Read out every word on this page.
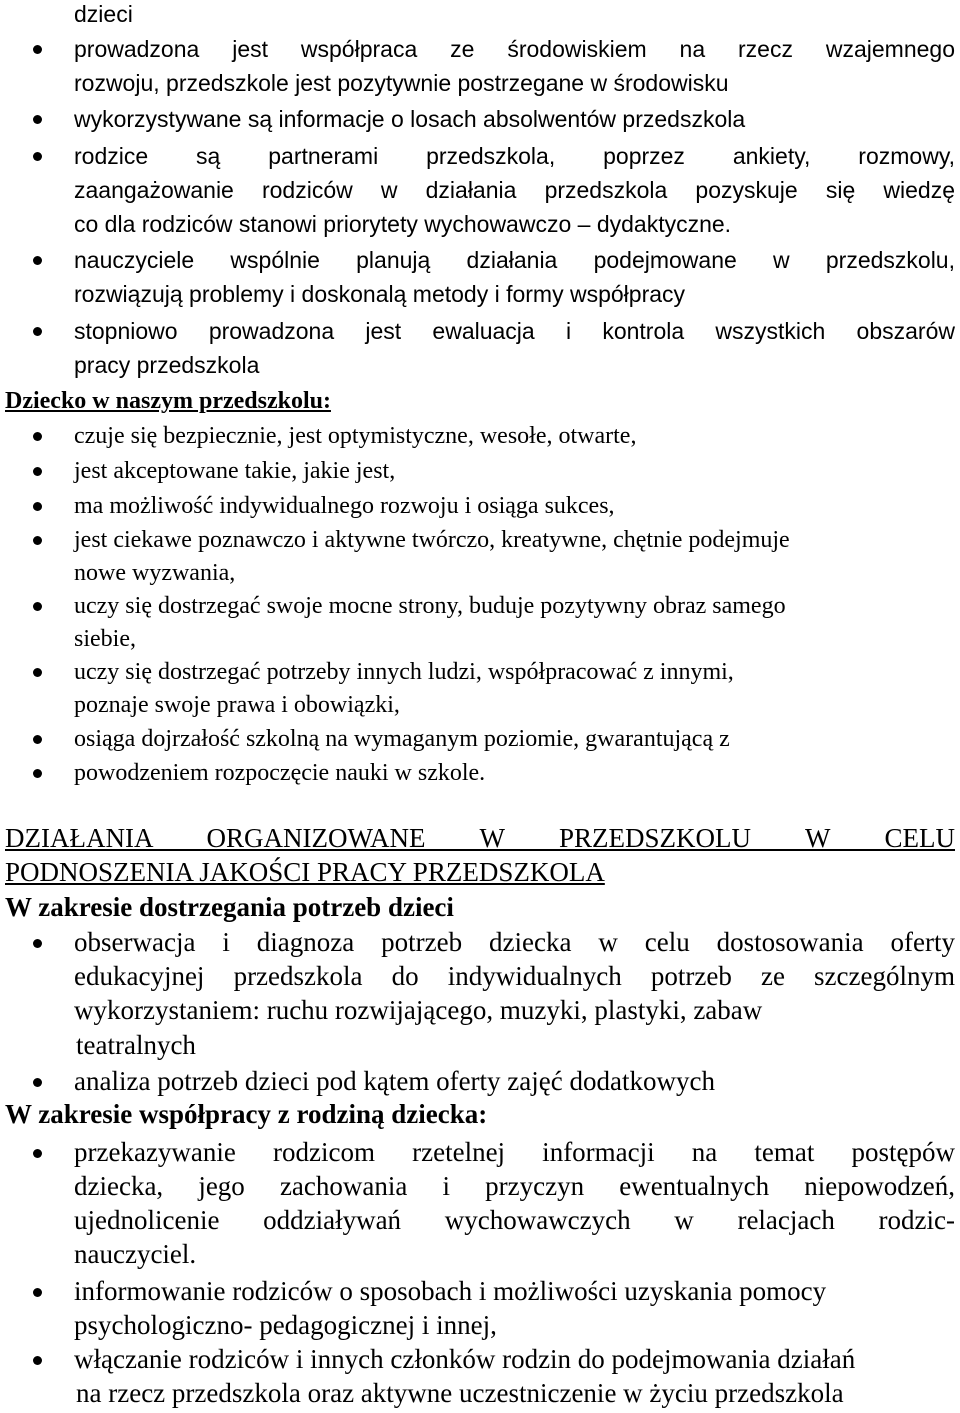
dzieci
prowadzona jest współpraca ze środowiskiem na rzecz wzajemnego
rozwoju, przedszkole jest pozytywnie postrzegane w środowisku
wykorzystywane są informacje o losach absolwentów przedszkola
rodzice są partnerami przedszkola, poprzez ankiety, rozmowy,
zaangażowanie rodziców w działania przedszkola pozyskuje się wiedzę
co dla rodziców stanowi priorytety wychowawczo – dydaktyczne.
nauczyciele wspólnie planują działania podejmowane w przedszkolu,
rozwiązują problemy i doskonalą metody i formy współpracy
stopniowo prowadzona jest ewaluacja i kontrola wszystkich obszarów
pracy przedszkola
Dziecko w naszym przedszkolu:
czuje się bezpiecznie, jest optymistyczne, wesołe, otwarte,
jest akceptowane takie, jakie jest,
ma możliwość indywidualnego rozwoju i osiąga sukces,
jest ciekawe poznawczo i aktywne twórczo, kreatywne, chętnie podejmuje
nowe wyzwania,
uczy się dostrzegać swoje mocne strony, buduje pozytywny obraz samego
siebie,
uczy się dostrzegać potrzeby innych ludzi, współpracować z innymi,
poznaje swoje prawa i obowiązki,
osiąga dojrzałość szkolną na wymaganym poziomie, gwarantującą z
powodzeniem rozpoczęcie nauki w szkole.
DZIAŁANIA ORGANIZOWANE W PRZEDSZKOLU W CELU
PODNOSZENIA JAKOŚCI PRACY PRZEDSZKOLA
W zakresie dostrzegania potrzeb dzieci
obserwacja i diagnoza potrzeb dziecka w celu dostosowania oferty
edukacyjnej przedszkola do indywidualnych potrzeb ze szczególnym
wykorzystaniem: ruchu rozwijającego, muzyki, plastyki, zabaw
teatralnych
analiza potrzeb dzieci pod kątem oferty zajęć dodatkowych
W zakresie współpracy z rodziną dziecka:
przekazywanie rodzicom rzetelnej informacji na temat postępów
dziecka, jego zachowania i przyczyn ewentualnych niepowodzeń,
ujednolicenie oddziaływań wychowawczych w relacjach rodzic-
nauczyciel.
informowanie rodziców o sposobach i możliwości uzyskania pomocy
psychologiczno- pedagogicznej i innej,
włączanie rodziców i innych członków rodzin do podejmowania działań
na rzecz przedszkola oraz aktywne uczestniczenie w życiu przedszkola
